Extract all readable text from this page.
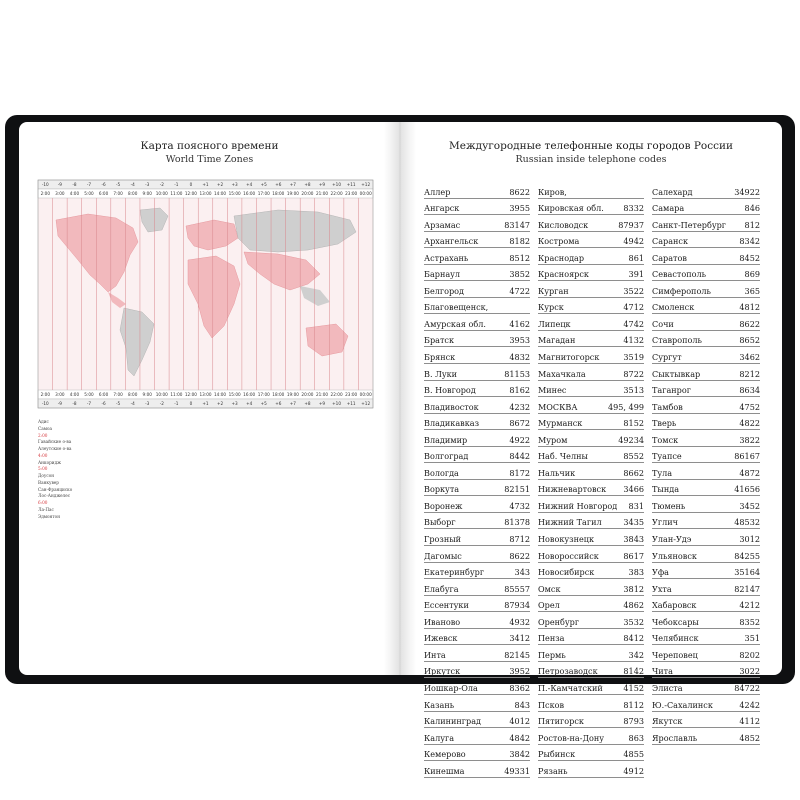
Карта поясного времени
World Time Zones
-10 -9 -8 -7 -6 -5 -4 -3 -2 -1	0 +1 +2 +3 +4 +5 +6 +7 +8 +9 +10 +11 +12
2:00 3:00 4:00 5:00 6:00 7:00 8:00 9:00 10:00 11:00 12:00 13:00 14:00 15:00 16:00 17:00 18:00 19:00 20:00 21:00 22:00 23:00 00:00
2:00 3:00 4:00 5:00 6:00 7:00 8:00 9:00 10:00 11:00 12:00 13:00 14:00 15:00 16:00 17:00 18:00 19:00 20:00 21:00 22:00 23:00 00:00
-10 -9 -8 -7 -6 -5 -4 -3 -2 -1	0 +1 +2 +3 +4 +5 +6 +7 +8 +9 +10 +11 +12
Адис
Самоа
2:00
Гавайские о-ва
Алеутские о-ва
4:00
Анкоридж
5:00
Доусон
Ванкувер
Сан-Франциско
Лос-Анджелес
6:00
Ла-Пас
Эдмонтон
Междугородные телефонные коды городов России
Russian inside telephone codes
Аллер	8622
Ангарск	3955
Арзамас	83147
Архангельск	8182
Астрахань	8512
Барнаул	3852
Белгород	4722
Благовещенск,
Амурская обл.	4162
Братск	3953
Брянск	4832
В. Луки	81153
В. Новгород	8162
Владивосток	4232
Владикавказ	8672
Владимир	4922
Волгоград	8442
Вологда	8172
Воркута	82151
Воронеж	4732
Выборг	81378
Грозный	8712
Дагомыс	8622
Екатеринбург	343
Елабуга	85557
Ессентуки	87934
Иваново	4932
Ижевск	3412
Инта	82145
Иркутск	3952
Йошкар-Ола	8362
Казань	843
Калининград	4012
Калуга	4842
Кемерово	3842
Кинешма	49331
Киров,
Кировская обл. 8332
Кисловодск	87937
Кострома	4942
Краснодар	861
Красноярск	391
Курган	3522
Курск	4712
Липецк	4742
Магадан	4132
Магнитогорск	3519
Махачкала	8722
Минес	3513
МОСКВА	495, 499
Мурманск	8152
Муром	49234
Наб. Челны	8552
Нальчик	8662
Нижневартовск 3466
Нижний Новгород 831
Нижний Тагил	3435
Новокузнецк	3843
Новороссийск	8617
Новосибирск	383
Омск	3812
Орел	4862
Оренбург	3532
Пенза	8412
Пермь	342
Петрозаводск	8142
П.-Камчатский	4152
Псков	8112
Пятигорск	8793
Ростов-на-Дону	863
Рыбинск	4855
Рязань	4912
Салехард	34922
Самара	846
Санкт-Петербург 812
Саранск	8342
Саратов	8452
Севастополь	869
Симферополь	365
Смоленск	4812
Сочи	8622
Ставрополь	8652
Сургут	3462
Сыктывкар	8212
Таганрог	8634
Тамбов	4752
Тверь	4822
Томск	3822
Туапсе	86167
Тула	4872
Тында	41656
Тюмень	3452
Углич	48532
Улан-Удэ	3012
Ульяновск	84255
Уфа	35164
Ухта	82147
Хабаровск	4212
Чебоксары	8352
Челябинск	351
Череповец	8202
Чита	3022
Элиста	84722
Ю.-Сахалинск	4242
Якутск	4112
Ярославль	4852
